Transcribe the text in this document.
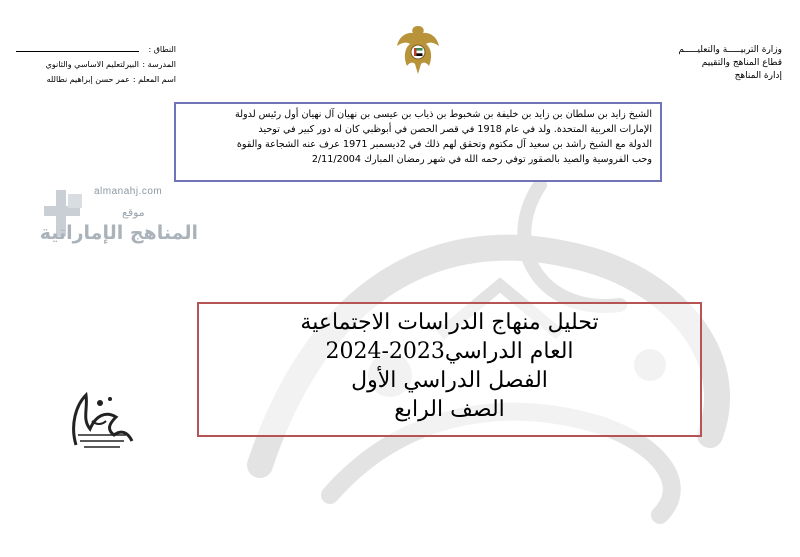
وزارة التربيـــــة والتعليـــــم
قطاع المناهج والتقييم
إدارة المناهج
النطاق :
المدرسة :
البيرلتعليم الاساسي والثانوي
اسم المعلم :
عمر حسن إبراهيم نطالله
الشيخ زايد بن سلطان بن زايد بن خليفة بن شخبوط بن ذياب بن عيسى بن نهيان آل نهيان أول رئيس لدولة
الإمارات العربية المتحدة. ولد في عام 1918 في قصر الحصن في أبوظبي كان له دور كبير في توحيد
الدولة مع الشيخ راشد بن سعيد آل مكتوم وتحقق لهم ذلك في 2ديسمبر 1971 عرف عنه الشجاعة والقوة
وحب الفروسية والصيد بالصقور توفي رحمه الله في شهر رمضان المبارك 2/11/2004
almanahj.com
موقع
المناهج الإماراتية
تحليل منهاج الدراسات الاجتماعية
العام الدراسي2023-2024
الفصل الدراسي الأول
الصف الرابع
